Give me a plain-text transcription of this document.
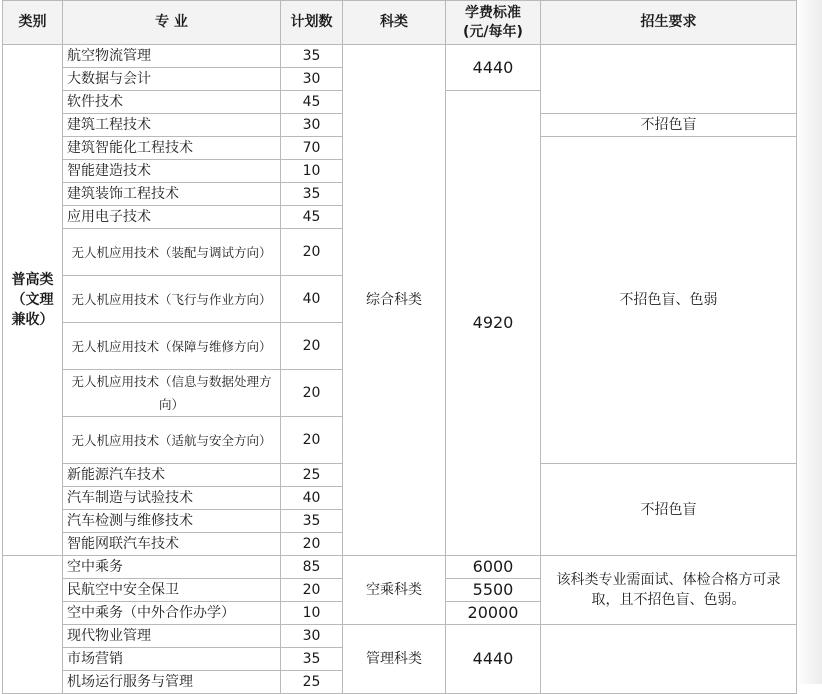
类别	专 业	计划数	科类	学费标准
(元/每年)	招生要求
普高类（文理兼收）	航空物流管理	35	综合科类	4440	
	大数据与会计	30			
	软件技术	45		4920	
	建筑工程技术	30			不招色盲
	建筑智能化工程技术	70			不招色盲、色弱
	智能建造技术	10			
	建筑装饰工程技术	35			
	应用电子技术	45			
	无人机应用技术（装配与调试方向）	20			
	无人机应用技术（飞行与作业方向）	40			
	无人机应用技术（保障与维修方向）	20			
	无人机应用技术（信息与数据处理方向）	20			
	无人机应用技术（适航与安全方向）	20			
	新能源汽车技术	25			不招色盲
	汽车制造与试验技术	40			
	汽车检测与维修技术	35			
	智能网联汽车技术	20			
	空中乘务	85	空乘科类	6000	该科类专业需面试、体检合格方可录取，且不招色盲、色弱。
	民航空中安全保卫	20		5500	
	空中乘务（中外合作办学）	10		20000	
	现代物业管理	30	管理科类	4440	
	市场营销	35			
	机场运行服务与管理	25			
